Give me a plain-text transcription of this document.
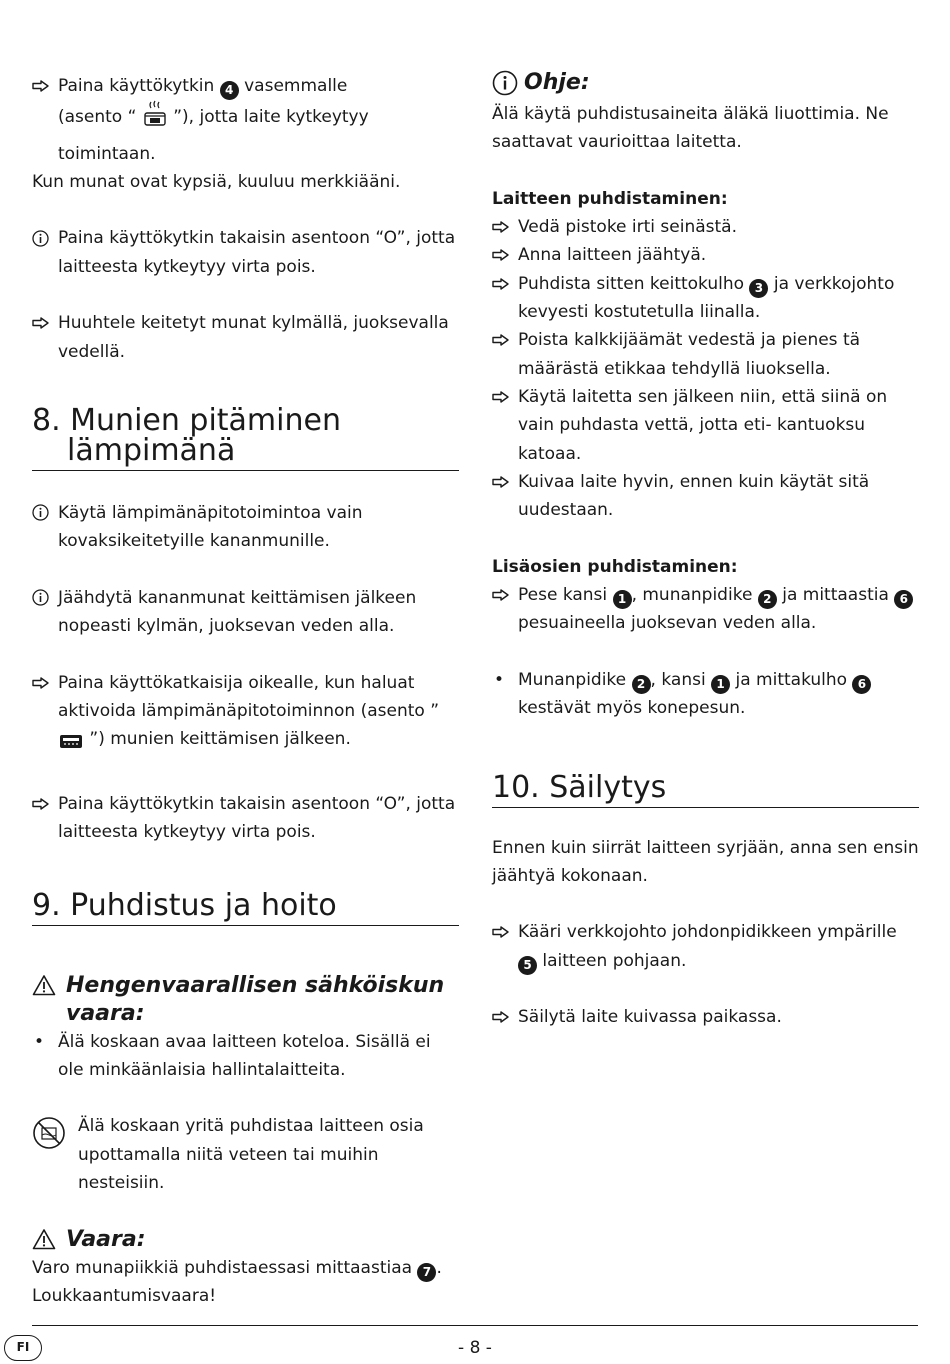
Paina käyttökytkin 4 vasemmalle
(asento “ ”), jotta laite kytkeytyy toimintaan.
Kun munat ovat kypsiä, kuuluu merkkiääni.
Paina käyttökytkin takaisin asentoon “O”, jotta laitteesta kytkeytyy virta pois.
Huuhtele keitetyt munat kylmällä, juoksevalla vedellä.
8. Munien pitäminen
lämpimänä
Käytä lämpimänäpitotoimintoa vain kovaksikeitetyille kananmunille.
Jäähdytä kananmunat keittämisen jälkeen nopeasti kylmän, juoksevan veden alla.
Paina käyttökatkaisija oikealle, kun haluat aktivoida lämpimänäpitotoiminnon (asento ”  ”) munien keittämisen jälkeen.
Paina käyttökytkin takaisin asentoon “O”, jotta laitteesta kytkeytyy virta pois.
9. Puhdistus ja hoito
Hengenvaarallisen sähköiskun
vaara:
• Älä koskaan avaa laitteen koteloa. Sisällä ei ole minkäänlaisia hallintalaitteita.
Älä koskaan yritä puhdistaa laitteen osia upottamalla niitä veteen tai muihin nesteisiin.
Vaara:
Varo munapiikkiä puhdistaessasi mittaastiaa 7 .
Loukkaantumisvaara!
Ohje:
Älä käytä puhdistusaineita äläkä liuottimia. Ne saattavat vaurioittaa laitetta.
Laitteen puhdistaminen:
Vedä pistoke irti seinästä.
Anna laitteen jäähtyä.
Puhdista sitten keittokulho 3 ja verkkojohto kevyesti kostutetulla liinalla.
Poista kalkkijäämät vedestä ja pienes tä määrästä etikkaa tehdyllä liuoksella.
Käytä laitetta sen jälkeen niin, että siinä on vain puhdasta vettä, jotta eti- kantuoksu katoaa.
Kuivaa laite hyvin, ennen kuin käytät sitä uudestaan.
Lisäosien puhdistaminen:
Pese kansi 1 , munanpidike 2 ja mittaastia 6 pesuaineella juoksevan veden alla.
• Munanpidike 2 , kansi 1 ja mittakulho 6 kestävät myös konepesun.
10. Säilytys
Ennen kuin siirrät laitteen syrjään, anna sen ensin jäähtyä kokonaan.
Kääri verkkojohto johdonpidikkeen ympärille 5 laitteen pohjaan.
Säilytä laite kuivassa paikassa.
FI	- 8 -
